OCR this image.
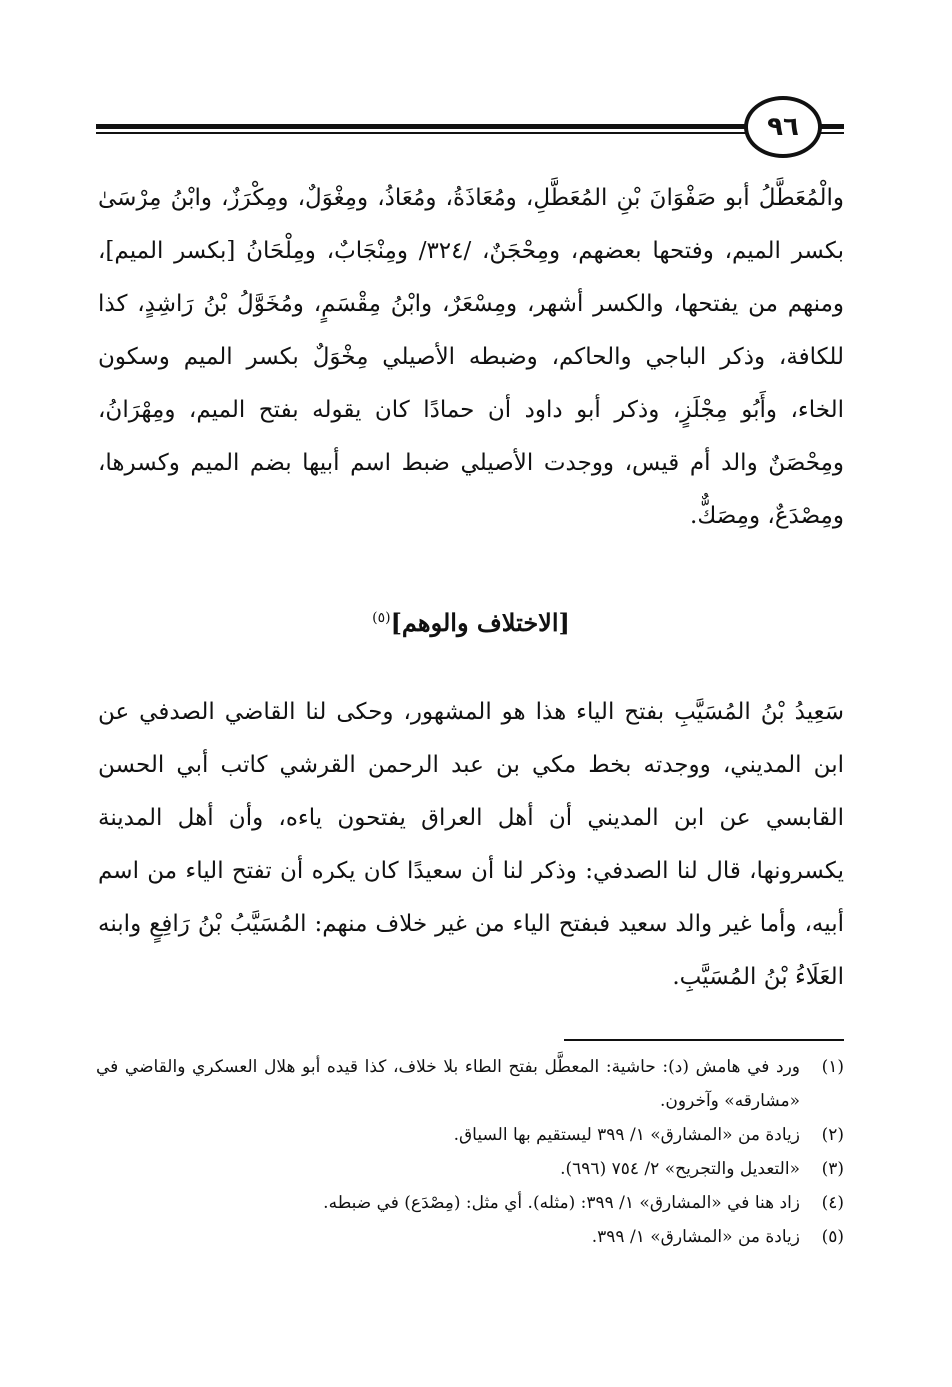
٩٦

والْمُعَطَّلُ أبو صَفْوَانَ بْنِ المُعَطَّلِ، ومُعَاذَةُ، ومُعَاذُ، ومِغْوَلٌ، ومِكْرَزٌ، وابْنُ مِرْسَىٰ بكسر الميم، وفتحها بعضهم، ومِحْجَنٌ، /٣٢٤/ ومِنْجَابٌ، ومِلْحَانُ [بكسر الميم]، ومنهم من يفتحها، والكسر أشهر، ومِسْعَرٌ، وابْنُ مِقْسَمٍ، ومُخَوَّلُ بْنُ رَاشِدٍ، كذا للكافة، وذكر الباجي والحاكم، وضبطه الأصيلي مِخْوَلٌ بكسر الميم وسكون الخاء، وأَبُو مِجْلَزٍ، وذكر أبو داود أن حمادًا كان يقوله بفتح الميم، ومِهْرَانُ، ومِحْصَنٌ والد أم قيس، ووجدت الأصيلي ضبط اسم أبيها بضم الميم وكسرها، ومِصْدَعٌ، ومِصَكٌّ.

[الاختلاف والوهم]$^{(٥)}$

سَعِيدُ بْنُ المُسَيَّبِ بفتح الياء هذا هو المشهور، وحكى لنا القاضي الصدفي عن ابن المديني، ووجدته بخط مكي بن عبد الرحمن القرشي كاتب أبي الحسن القابسي عن ابن المديني أن أهل العراق يفتحون ياءه، وأن أهل المدينة يكسرونها، قال لنا الصدفي: وذكر لنا أن سعيدًا كان يكره أن تفتح الياء من اسم أبيه، وأما غير والد سعيد فبفتح الياء من غير خلاف منهم: المُسَيَّبُ بْنُ رَافِعٍ وابنه العَلَاءُ بْنُ المُسَيَّبِ.

(١)
ورد في هامش (د): حاشية: المعطَّل بفتح الطاء بلا خلاف، كذا قيده أبو هلال العسكري والقاضي في «مشارقه» وآخرون.
(٢)
زيادة من «المشارق» ١/ ٣٩٩ ليستقيم بها السياق.
(٣)
«التعديل والتجريح» ٢/ ٧٥٤ (٦٩٦).
(٤)
زاد هنا في «المشارق» ١/ ٣٩٩: (مثله). أي مثل: (مِصْدَع) في ضبطه.
(٥)
زيادة من «المشارق» ١/ ٣٩٩.
